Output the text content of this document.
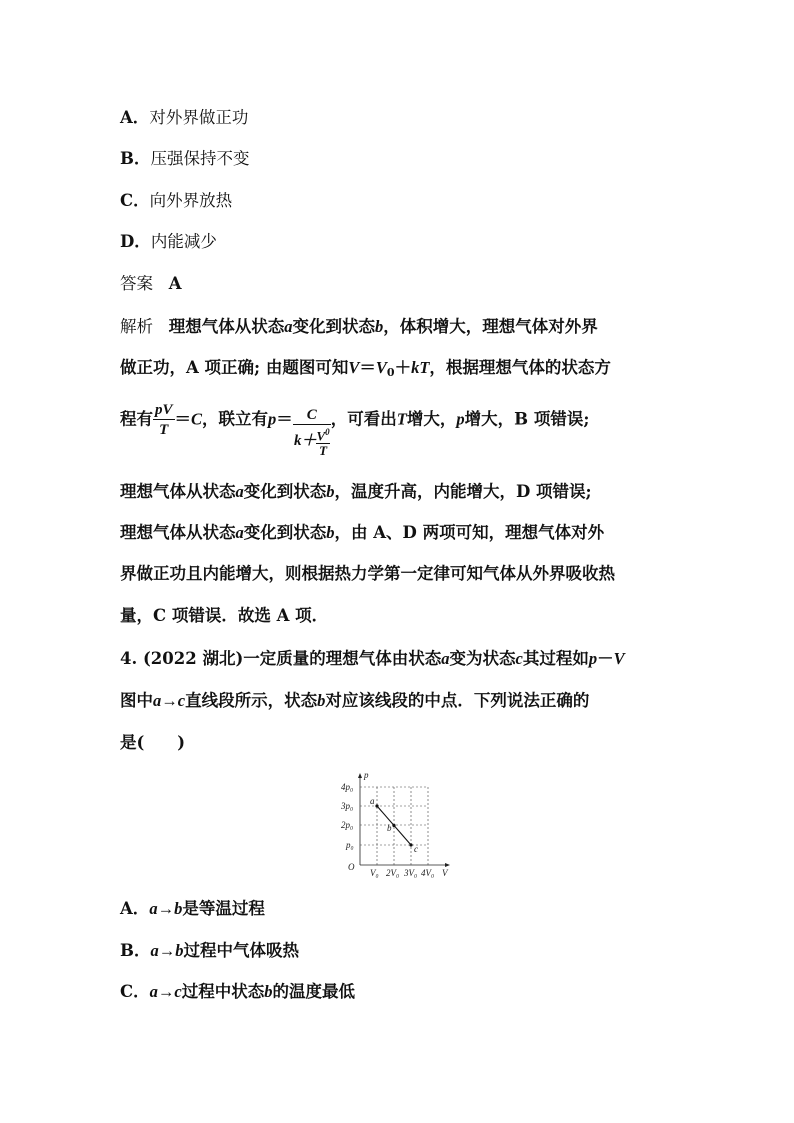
A．对外界做正功
B．压强保持不变
C．向外界放热
D．内能减少
答案 A
解析 理想气体从状态a变化到状态b，体积增大，理想气体对外界
做正功，A 项正确; 由题图可知$V=V_0+kT$，根据理想气体的状态方
程有 $\frac{pV}{T} =C$，联立有$p= \frac{C}{k+ \frac{V^0}{T}}$ ，可看出T增大，p增大，B 项错误;
理想气体从状态a变化到状态b，温度升高，内能增大，D 项错误;
理想气体从状态a变化到状态b，由 A、D 两项可知，理想气体对外
界做正功且内能增大，则根据热力学第一定律可知气体从外界吸收热
量，C 项错误．故选 A 项．
4. (2022 湖北)一定质量的理想气体由状态a变为状态c其过程如p－V
图中a→c直线段所示，状态b对应该线段的中点．下列说法正确的
是(　　)
a
b
c
p
V
O
4p₀
3p₀
2p₀
p₀
V₀ 2V₀ 3V₀ 4V₀
A．a→b是等温过程
B．a→b过程中气体吸热
C．a→c过程中状态b的温度最低
